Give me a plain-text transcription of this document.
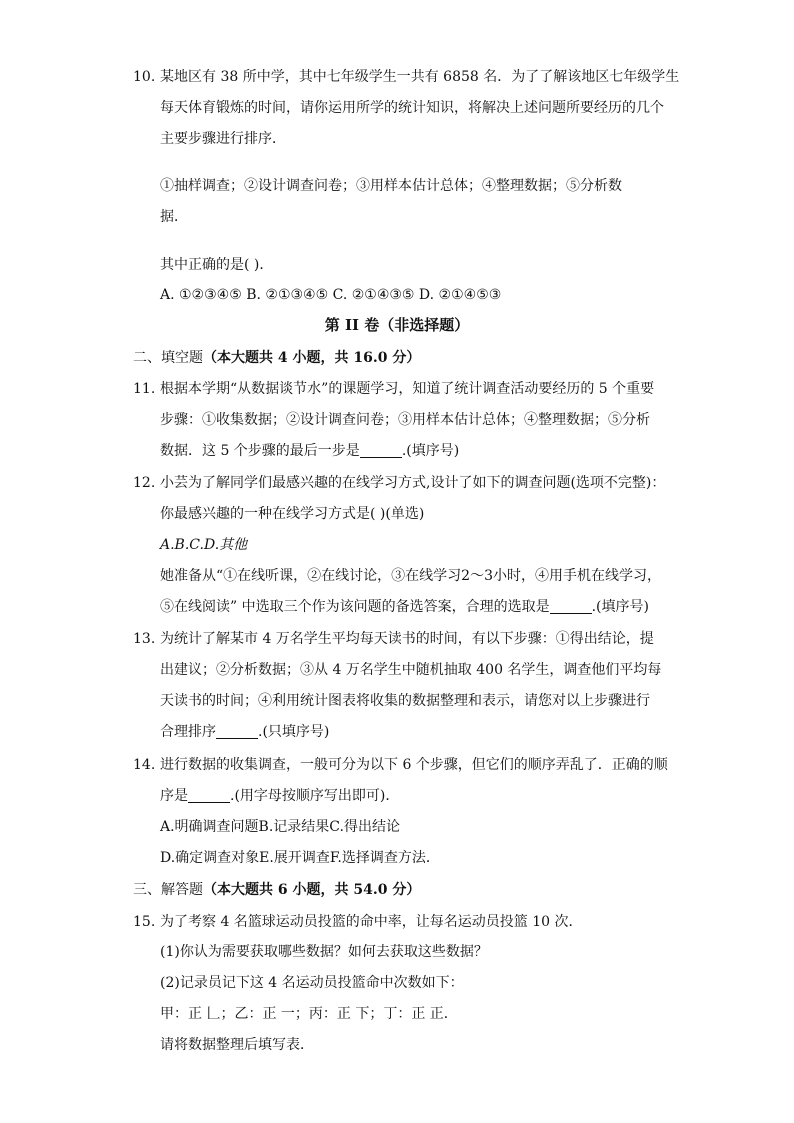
10. 某地区有 38 所中学，其中七年级学生一共有 6858 名．为了了解该地区七年级学生
每天体育锻炼的时间，请你运用所学的统计知识，将解决上述问题所要经历的几个
主要步骤进行排序．
①抽样调查；②设计调查问卷；③用样本估计总体；④整理数据；⑤分析数
据．
其中正确的是( )．
A. ①②③④⑤ B. ②①③④⑤ C. ②①④③⑤ D. ②①④⑤③
第 II 卷（非选择题）
二、填空题（本大题共 4 小题，共 16.0 分）
11. 根据本学期“从数据谈节水”的课题学习，知道了统计调查活动要经历的 5 个重要
步骤：①收集数据；②设计调查问卷；③用样本估计总体；④整理数据；⑤分析
数据．这 5 个步骤的最后一步是	.(填序号)
12. 小芸为了解同学们最感兴趣的在线学习方式,设计了如下的调查问题(选项不完整)：
你最感兴趣的一种在线学习方式是( )(单选)
A.B.C.D.其他
她准备从“①在线听课，②在线讨论，③在线学习2～3小时，④用手机在线学习，
⑤在线阅读” 中选取三个作为该问题的备选答案，合理的选取是	.(填序号)
13. 为统计了解某市 4 万名学生平均每天读书的时间，有以下步骤：①得出结论，提
出建议；②分析数据；③从 4 万名学生中随机抽取 400 名学生，调查他们平均每
天读书的时间；④利用统计图表将收集的数据整理和表示，请您对以上步骤进行
合理排序	.(只填序号)
14. 进行数据的收集调查，一般可分为以下 6 个步骤，但它们的顺序弄乱了．正确的顺
序是	.(用字母按顺序写出即可)．
A.明确调查问题B.记录结果C.得出结论
D.确定调查对象E.展开调查F.选择调查方法．
三、解答题（本大题共 6 小题，共 54.0 分）
15. 为了考察 4 名篮球运动员投篮的命中率，让每名运动员投篮 10 次．
(1)你认为需要获取哪些数据？如何去获取这些数据？
(2)记录员记下这 4 名运动员投篮命中次数如下：
甲：正 𠃊；乙：正 一；丙：正 下；丁：正 正．
请将数据整理后填写表．
